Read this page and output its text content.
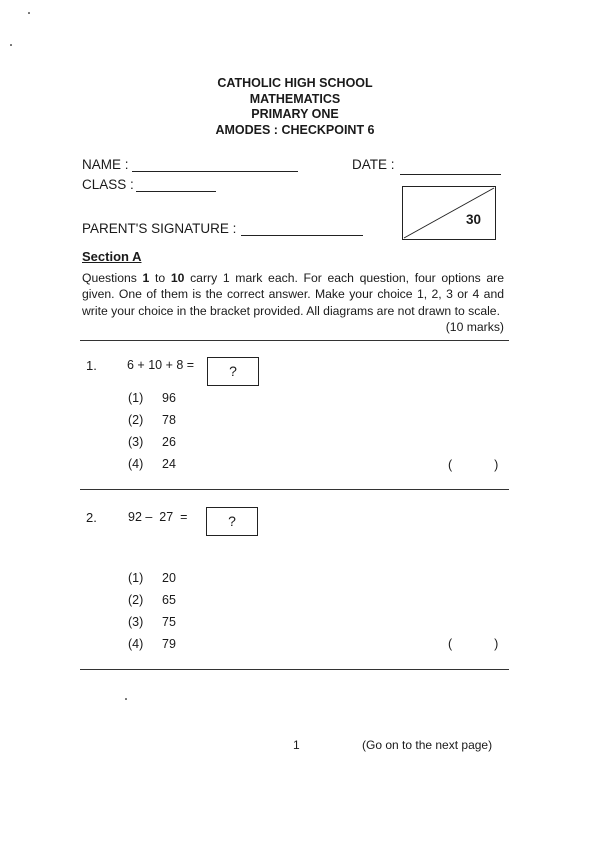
CATHOLIC HIGH SCHOOL
MATHEMATICS
PRIMARY ONE
AMODES : CHECKPOINT 6
NAME :	DATE :
CLASS :
PARENT'S SIGNATURE :
30
Section A
Questions 1 to 10 carry 1 mark each. For each question, four options are given. One of them is the correct answer. Make your choice 1, 2, 3 or 4 and write your choice in the bracket provided. All diagrams are not drawn to scale.

(10 marks)
1. 6 + 10 + 8 =	?
(1) 96
(2) 78
(3) 26
(4) 24	(	)
2. 92 –  27  =	?
(1) 20
(2) 65
(3) 75
(4) 79	(	)
1	(Go on to the next page)
